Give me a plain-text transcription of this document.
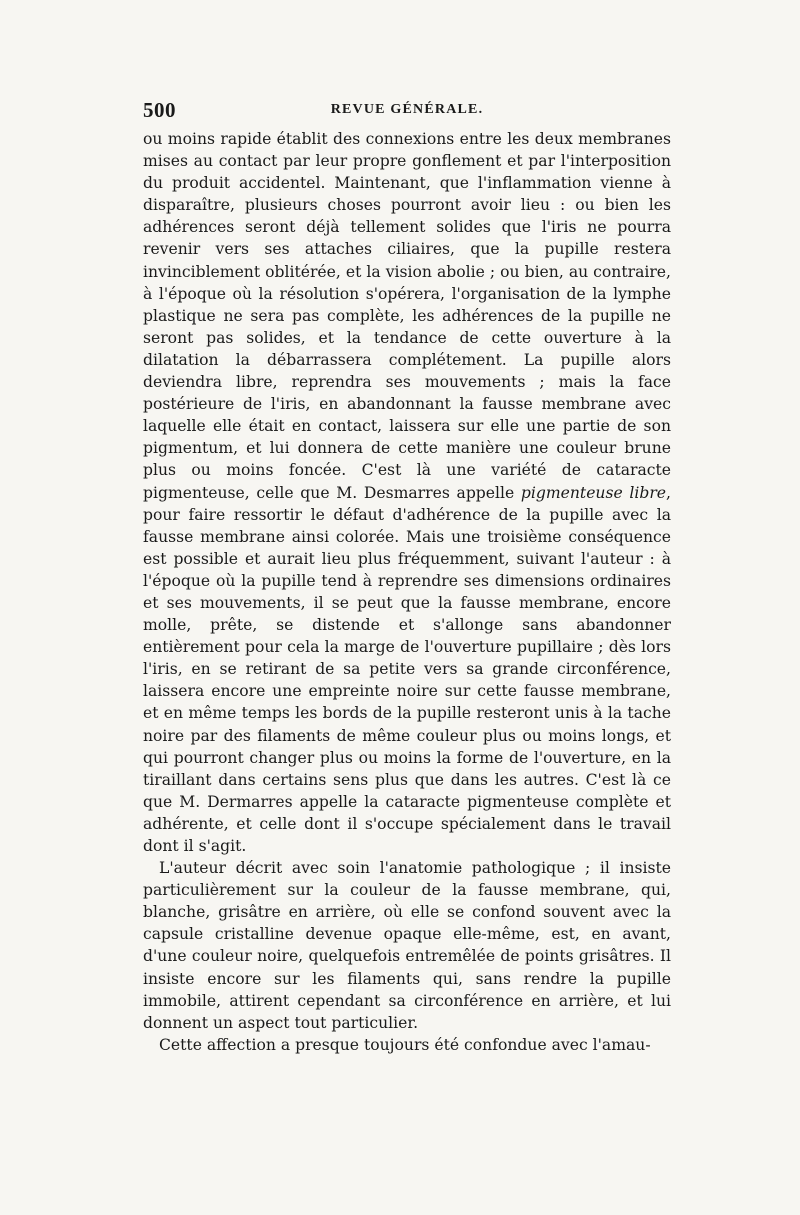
500	REVUE GÉNÉRALE.

ou moins rapide établit des connexions entre les deux membranes mises au contact par leur propre gonflement et par l'interposition du produit accidentel. Maintenant, que l'inflammation vienne à disparaître, plusieurs choses pourront avoir lieu : ou bien les adhérences seront déjà tellement solides que l'iris ne pourra revenir vers ses attaches ciliaires, que la pupille restera invinciblement oblitérée, et la vision abolie ; ou bien, au contraire, à l'époque où la résolution s'opérera, l'organisation de la lymphe plastique ne sera pas complète, les adhérences de la pupille ne seront pas solides, et la tendance de cette ouverture à la dilatation la débarrassera complétement. La pupille alors deviendra libre, reprendra ses mouvements ; mais la face postérieure de l'iris, en abandonnant la fausse membrane avec laquelle elle était en contact, laissera sur elle une partie de son pigmentum, et lui donnera de cette manière une couleur brune plus ou moins foncée. C'est là une variété de cataracte pigmenteuse, celle que M. Desmarres appelle pigmenteuse libre, pour faire ressortir le défaut d'adhérence de la pupille avec la fausse membrane ainsi colorée. Mais une troisième conséquence est possible et aurait lieu plus fréquemment, suivant l'auteur : à l'époque où la pupille tend à reprendre ses dimensions ordinaires et ses mouvements, il se peut que la fausse membrane, encore molle, prête, se distende et s'allonge sans abandonner entièrement pour cela la marge de l'ouverture pupillaire ; dès lors l'iris, en se retirant de sa petite vers sa grande circonférence, laissera encore une empreinte noire sur cette fausse membrane, et en même temps les bords de la pupille resteront unis à la tache noire par des filaments de même couleur plus ou moins longs, et qui pourront changer plus ou moins la forme de l'ouverture, en la tiraillant dans certains sens plus que dans les autres. C'est là ce que M. Dermarres appelle la cataracte pigmenteuse complète et adhérente, et celle dont il s'occupe spécialement dans le travail dont il s'agit.

L'auteur décrit avec soin l'anatomie pathologique ; il insiste particulièrement sur la couleur de la fausse membrane, qui, blanche, grisâtre en arrière, où elle se confond souvent avec la capsule cristalline devenue opaque elle-même, est, en avant, d'une couleur noire, quelquefois entremêlée de points grisâtres. Il insiste encore sur les filaments qui, sans rendre la pupille immobile, attirent cependant sa circonférence en arrière, et lui donnent un aspect tout particulier.

Cette affection a presque toujours été confondue avec l'amau-
